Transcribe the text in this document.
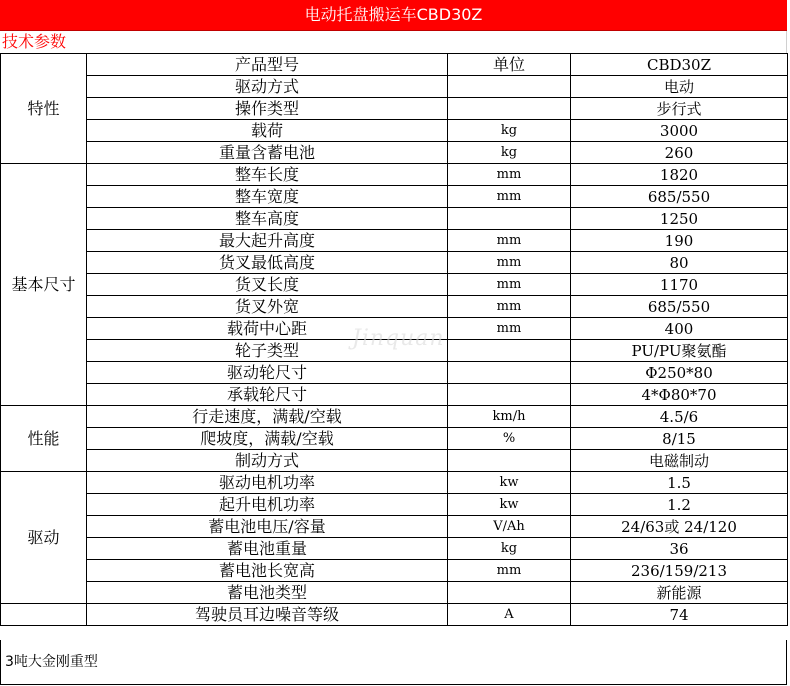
电动托盘搬运车CBD30Z
技术参数
特性	产品型号	单位	CBD30Z
	驱动方式		电动
	操作类型		步行式
	载荷	kg	3000
	重量含蓄电池	kg	260
基本尺寸	整车长度	mm	1820
	整车宽度	mm	685/550
	整车高度		1250
	最大起升高度	mm	190
	货叉最低高度	mm	80
	货叉长度	mm	1170
	货叉外宽	mm	685/550
	载荷中心距	mm	400
	轮子类型		PU/PU聚氨酯
	驱动轮尺寸		Φ250*80
	承载轮尺寸		4*Φ80*70
性能	行走速度，满载/空载	km/h	4.5/6
	爬坡度，满载/空载	%	8/15
	制动方式		电磁制动
驱动	驱动电机功率	kw	1.5
	起升电机功率	kw	1.2
	蓄电池电压/容量	V/Ah	24/63或 24/120
	蓄电池重量	kg	36
	蓄电池长宽高	mm	236/159/213
	蓄电池类型		新能源
	驾驶员耳边噪音等级	A	74
3吨大金刚重型
Jinquan
